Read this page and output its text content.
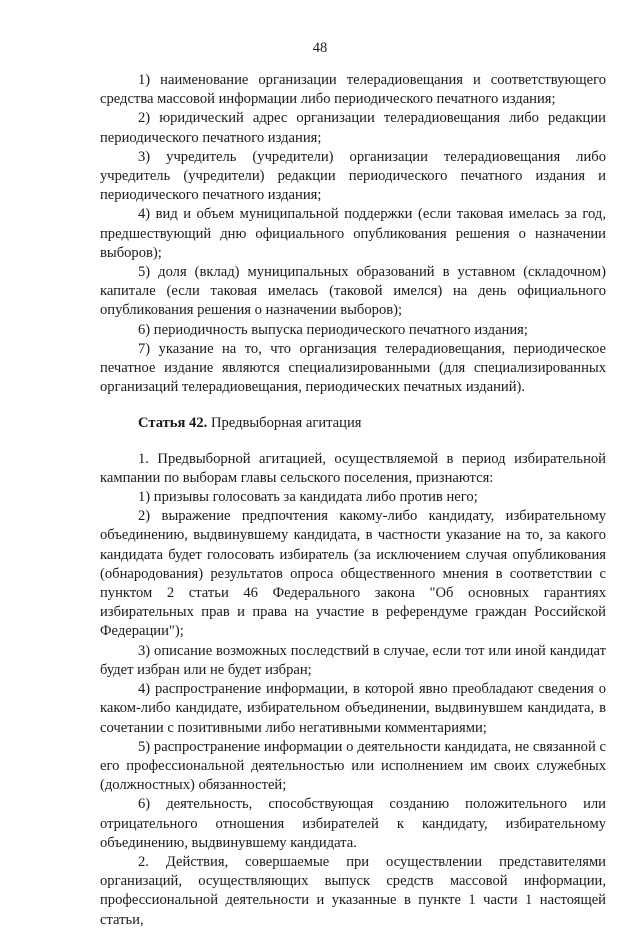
48

1) наименование организации телерадиовещания и соответствующего средства массовой информации либо периодического печатного издания;

2) юридический адрес организации телерадиовещания либо редакции периодического печатного издания;

3) учредитель (учредители) организации телерадиовещания либо учредитель (учредители) редакции периодического печатного издания и периодического печатного издания;

4) вид и объем муниципальной поддержки (если таковая имелась за год, предшествующий дню официального опубликования решения о назначении выборов);

5) доля (вклад) муниципальных образований в уставном (складочном) капитале (если таковая имелась (таковой имелся) на день официального опубликования решения о назначении выборов);

6) периодичность выпуска периодического печатного издания;

7) указание на то, что организация телерадиовещания, периодическое печатное издание являются специализированными (для специализированных организаций телерадиовещания, периодических печатных изданий).

Статья 42. Предвыборная агитация

1. Предвыборной агитацией, осуществляемой в период избирательной кампании по выборам главы сельского поселения, признаются:

1) призывы голосовать за кандидата либо против него;

2) выражение предпочтения какому-либо кандидату, избирательному объединению, выдвинувшему кандидата, в частности указание на то, за какого кандидата будет голосовать избиратель (за исключением случая опубликования (обнародования) результатов опроса общественного мнения в соответствии с пунктом 2 статьи 46 Федерального закона "Об основных гарантиях избирательных прав и права на участие в референдуме граждан Российской Федерации");

3) описание возможных последствий в случае, если тот или иной кандидат будет избран или не будет избран;

4) распространение информации, в которой явно преобладают сведения о каком-либо кандидате, избирательном объединении, выдвинувшем кандидата, в сочетании с позитивными либо негативными комментариями;

5) распространение информации о деятельности кандидата, не связанной с его профессиональной деятельностью или исполнением им своих служебных (должностных) обязанностей;

6) деятельность, способствующая созданию положительного или отрицательного отношения избирателей к кандидату, избирательному объединению, выдвинувшему кандидата.

2. Действия, совершаемые при осуществлении представителями организаций, осуществляющих выпуск средств массовой информации, профессиональной деятельности и указанные в пункте 1 части 1 настоящей статьи,
